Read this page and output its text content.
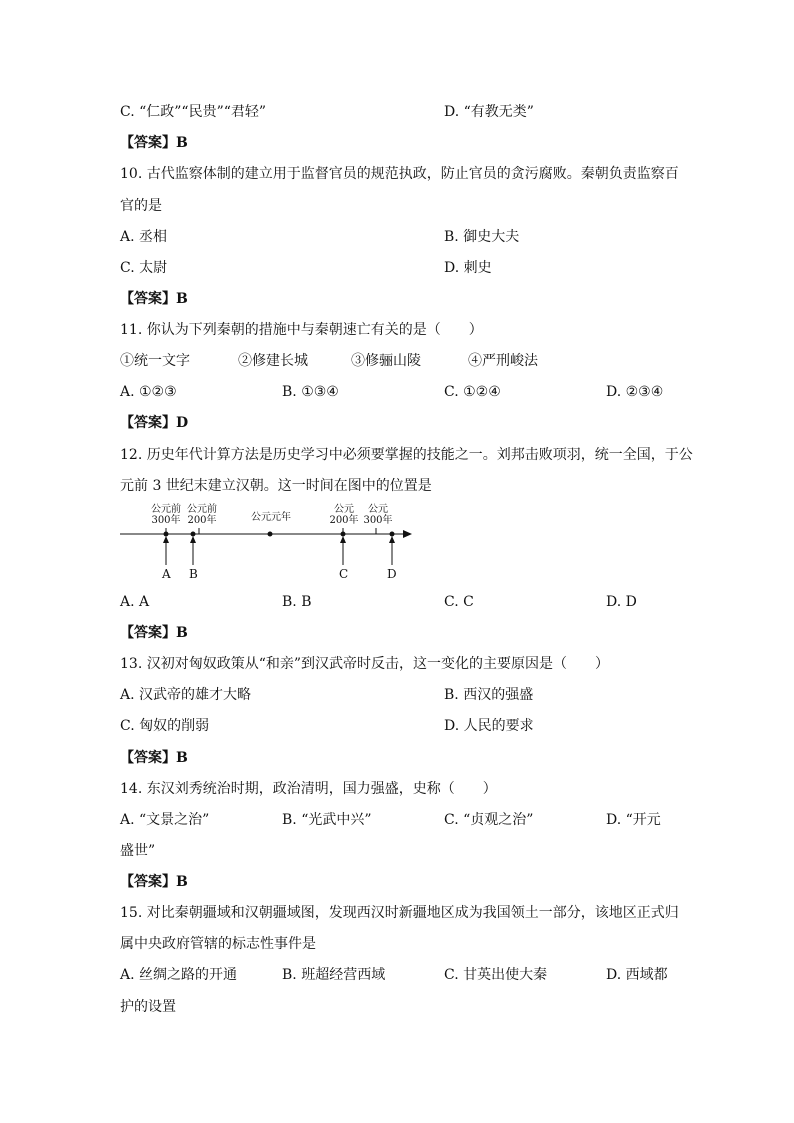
C. “仁政”“民贵”“君轻”	D. “有教无类”
【答案】B
10. 古代监察体制的建立用于监督官员的规范执政，防止官员的贪污腐败。秦朝负责监察百
官的是
A. 丞相	B. 御史大夫
C. 太尉	D. 刺史
【答案】B
11. 你认为下列秦朝的措施中与秦朝速亡有关的是（　　）
①统一文字	②修建长城	③修骊山陵	④严刑峻法
A. ①②③	B. ①③④	C. ①②④	D. ②③④
【答案】D
12. 历史年代计算方法是历史学习中必须要掌握的技能之一。刘邦击败项羽，统一全国，于公
元前 3 世纪末建立汉朝。这一时间在图中的位置是
公元前
300年
公元前
200年	公元元年
公元
200年
公元
300年
A B	C	D
A. A	B. B	C. C	D. D
【答案】B
13. 汉初对匈奴政策从“和亲”到汉武帝时反击，这一变化的主要原因是（　　）
A. 汉武帝的雄才大略	B. 西汉的强盛
C. 匈奴的削弱	D. 人民的要求
【答案】B
14. 东汉刘秀统治时期，政治清明，国力强盛，史称（　　）
A. “文景之治”	B. “光武中兴”	C. “贞观之治”	D. “开元
盛世”
【答案】B
15. 对比秦朝疆域和汉朝疆域图，发现西汉时新疆地区成为我国领土一部分，该地区正式归
属中央政府管辖的标志性事件是
A. 丝绸之路的开通	B. 班超经营西域	C. 甘英出使大秦	D. 西域都
护的设置
